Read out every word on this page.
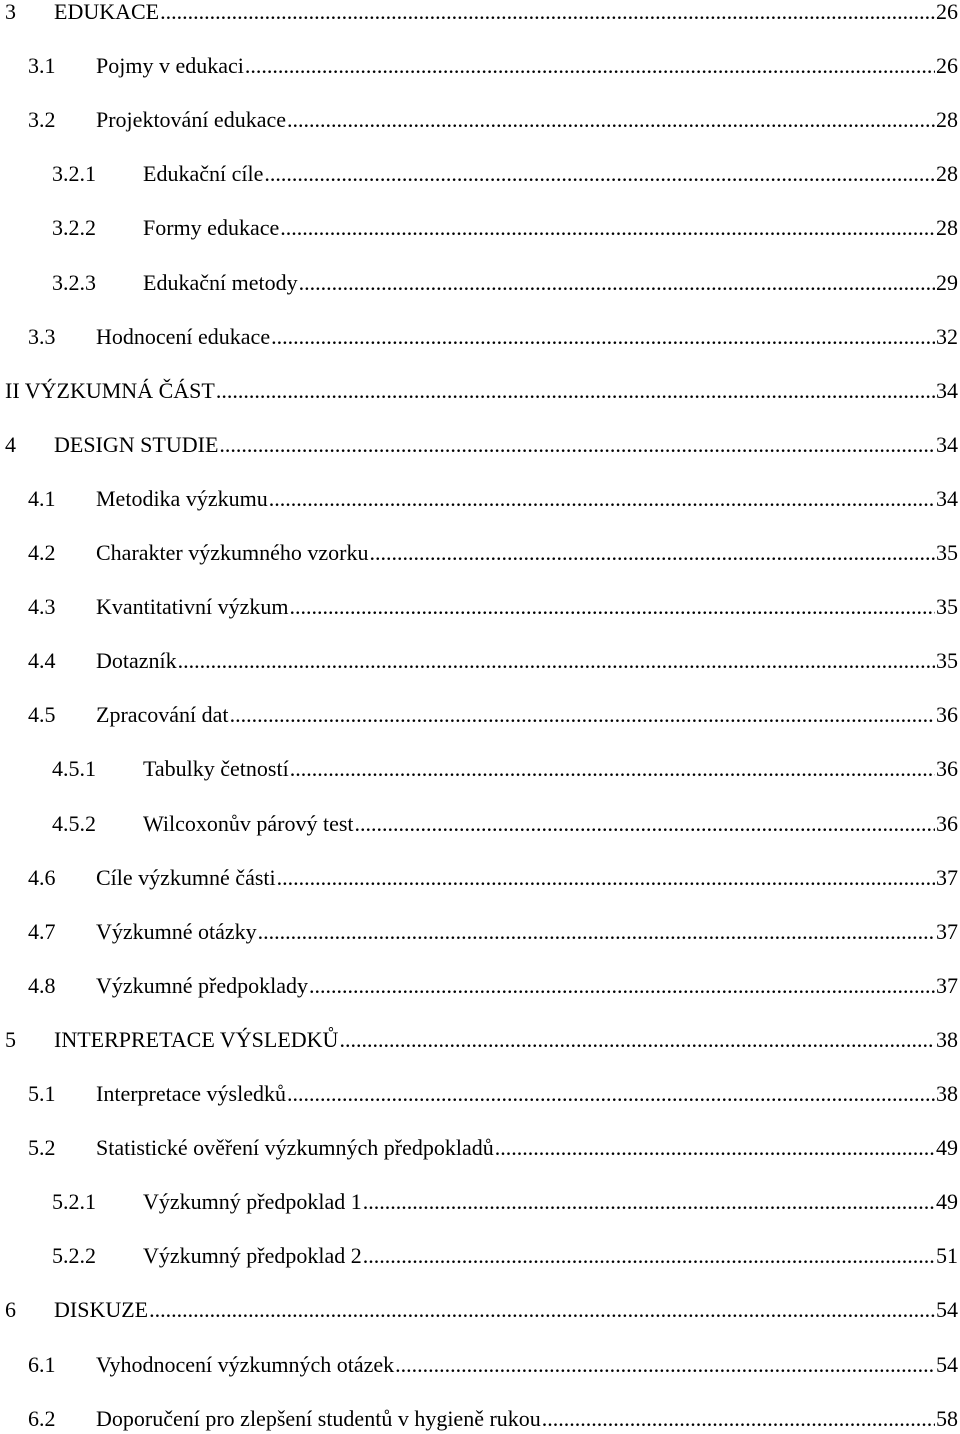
3	EDUKACE .....	26
3.1	Pojmy v edukaci .....	26
3.2	Projektování edukace .....	28
3.2.1	Edukační cíle .....	28
3.2.2	Formy edukace .....	28
3.2.3	Edukační metody .....	29
3.3	Hodnocení edukace .....	32
II VÝZKUMNÁ ČÁST .....	34
4	DESIGN STUDIE .....	34
4.1	Metodika výzkumu .....	34
4.2	Charakter výzkumného vzorku .....	35
4.3	Kvantitativní výzkum .....	35
4.4	Dotazník .....	35
4.5	Zpracování dat .....	36
4.5.1	Tabulky četností .....	36
4.5.2	Wilcoxonův párový test .....	36
4.6	Cíle výzkumné části .....	37
4.7	Výzkumné otázky .....	37
4.8	Výzkumné předpoklady .....	37
5	INTERPRETACE VÝSLEDKŮ .....	38
5.1	Interpretace výsledků .....	38
5.2	Statistické ověření výzkumných předpokladů .....	49
5.2.1	Výzkumný předpoklad 1 .....	49
5.2.2	Výzkumný předpoklad 2 .....	51
6	DISKUZE .....	54
6.1	Vyhodnocení výzkumných otázek .....	54
6.2	Doporučení pro zlepšení studentů v hygieně rukou .....	58
